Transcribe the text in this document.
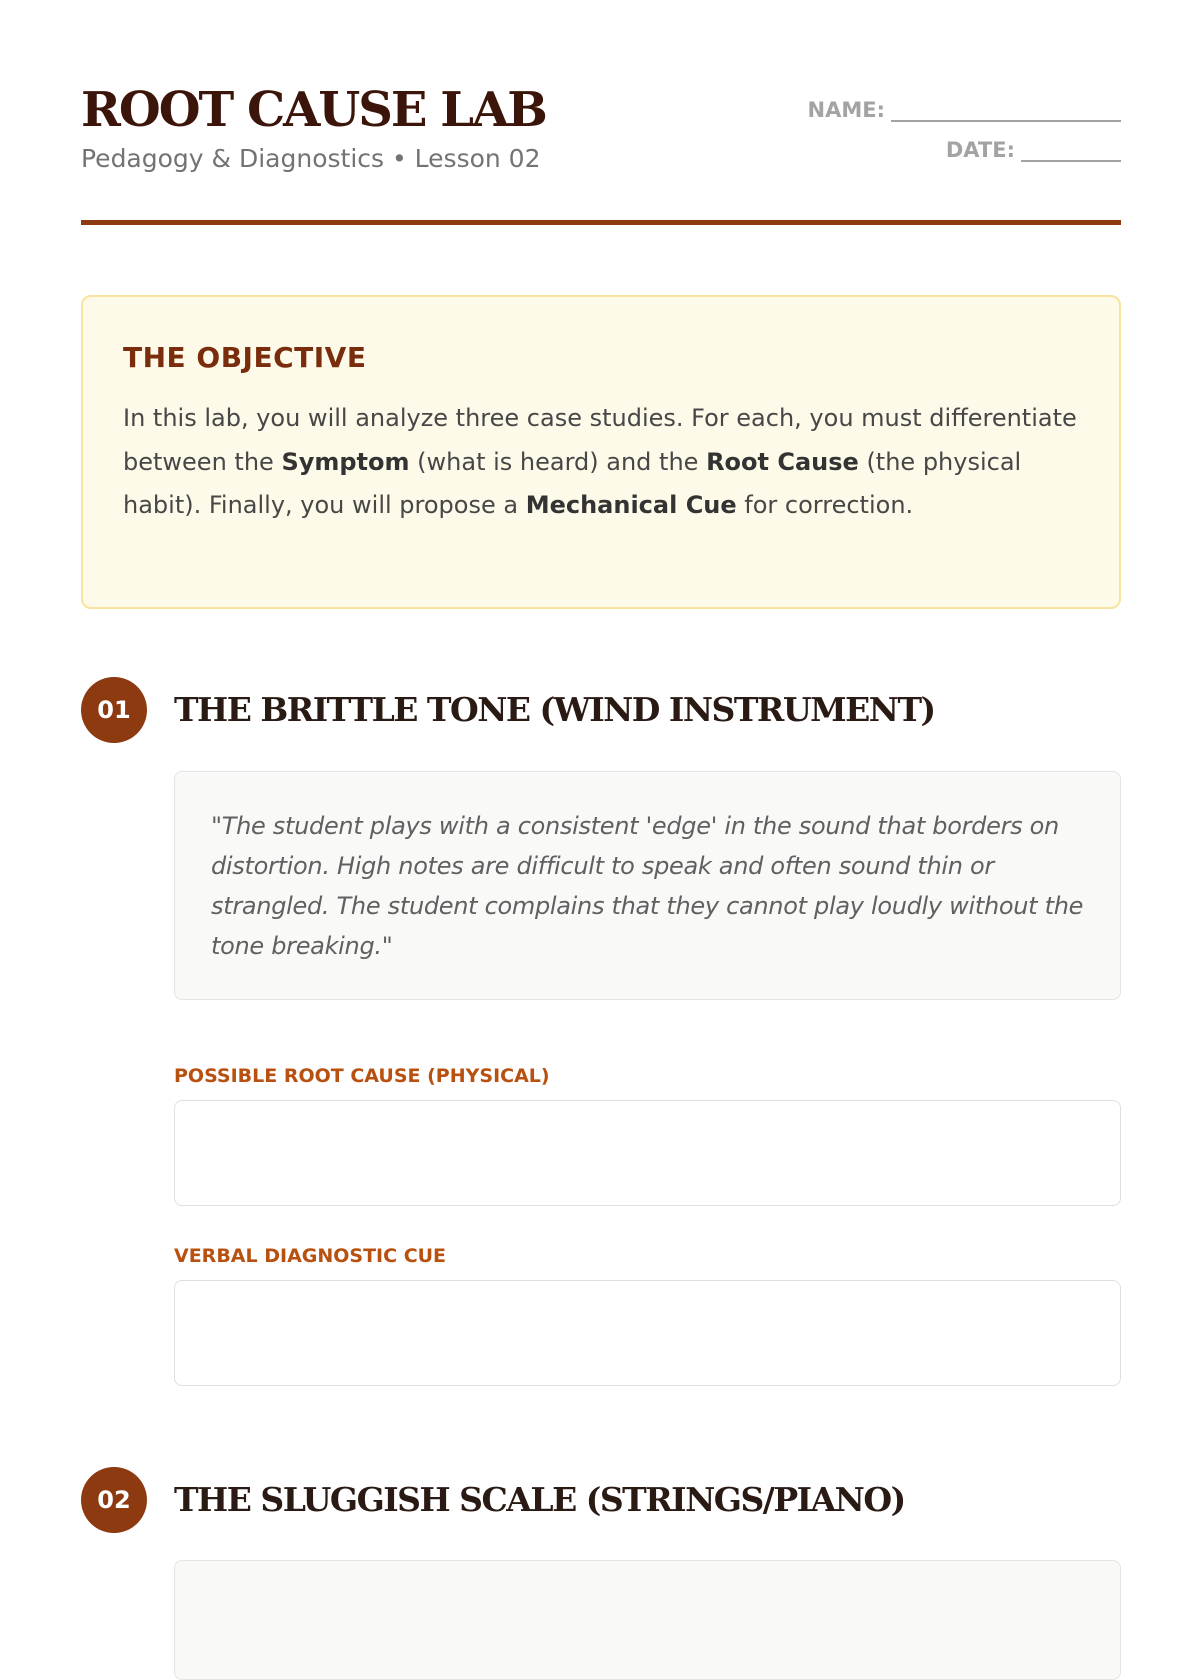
ROOT CAUSE LAB
Pedagogy & Diagnostics • Lesson 02
NAME:
DATE:
THE OBJECTIVE

In this lab, you will analyze three case studies. For each, you must differentiate between the Symptom (what is heard) and the Root Cause (the physical habit). Finally, you will propose a Mechanical Cue for correction.

01	THE BRITTLE TONE (WIND INSTRUMENT)

"The student plays with a consistent 'edge' in the sound that borders on distortion. High notes are difficult to speak and often sound thin or strangled. The student complains that they cannot play loudly without the tone breaking."

POSSIBLE ROOT CAUSE (PHYSICAL)
VERBAL DIAGNOSTIC CUE
02	THE SLUGGISH SCALE (STRINGS/PIANO)
